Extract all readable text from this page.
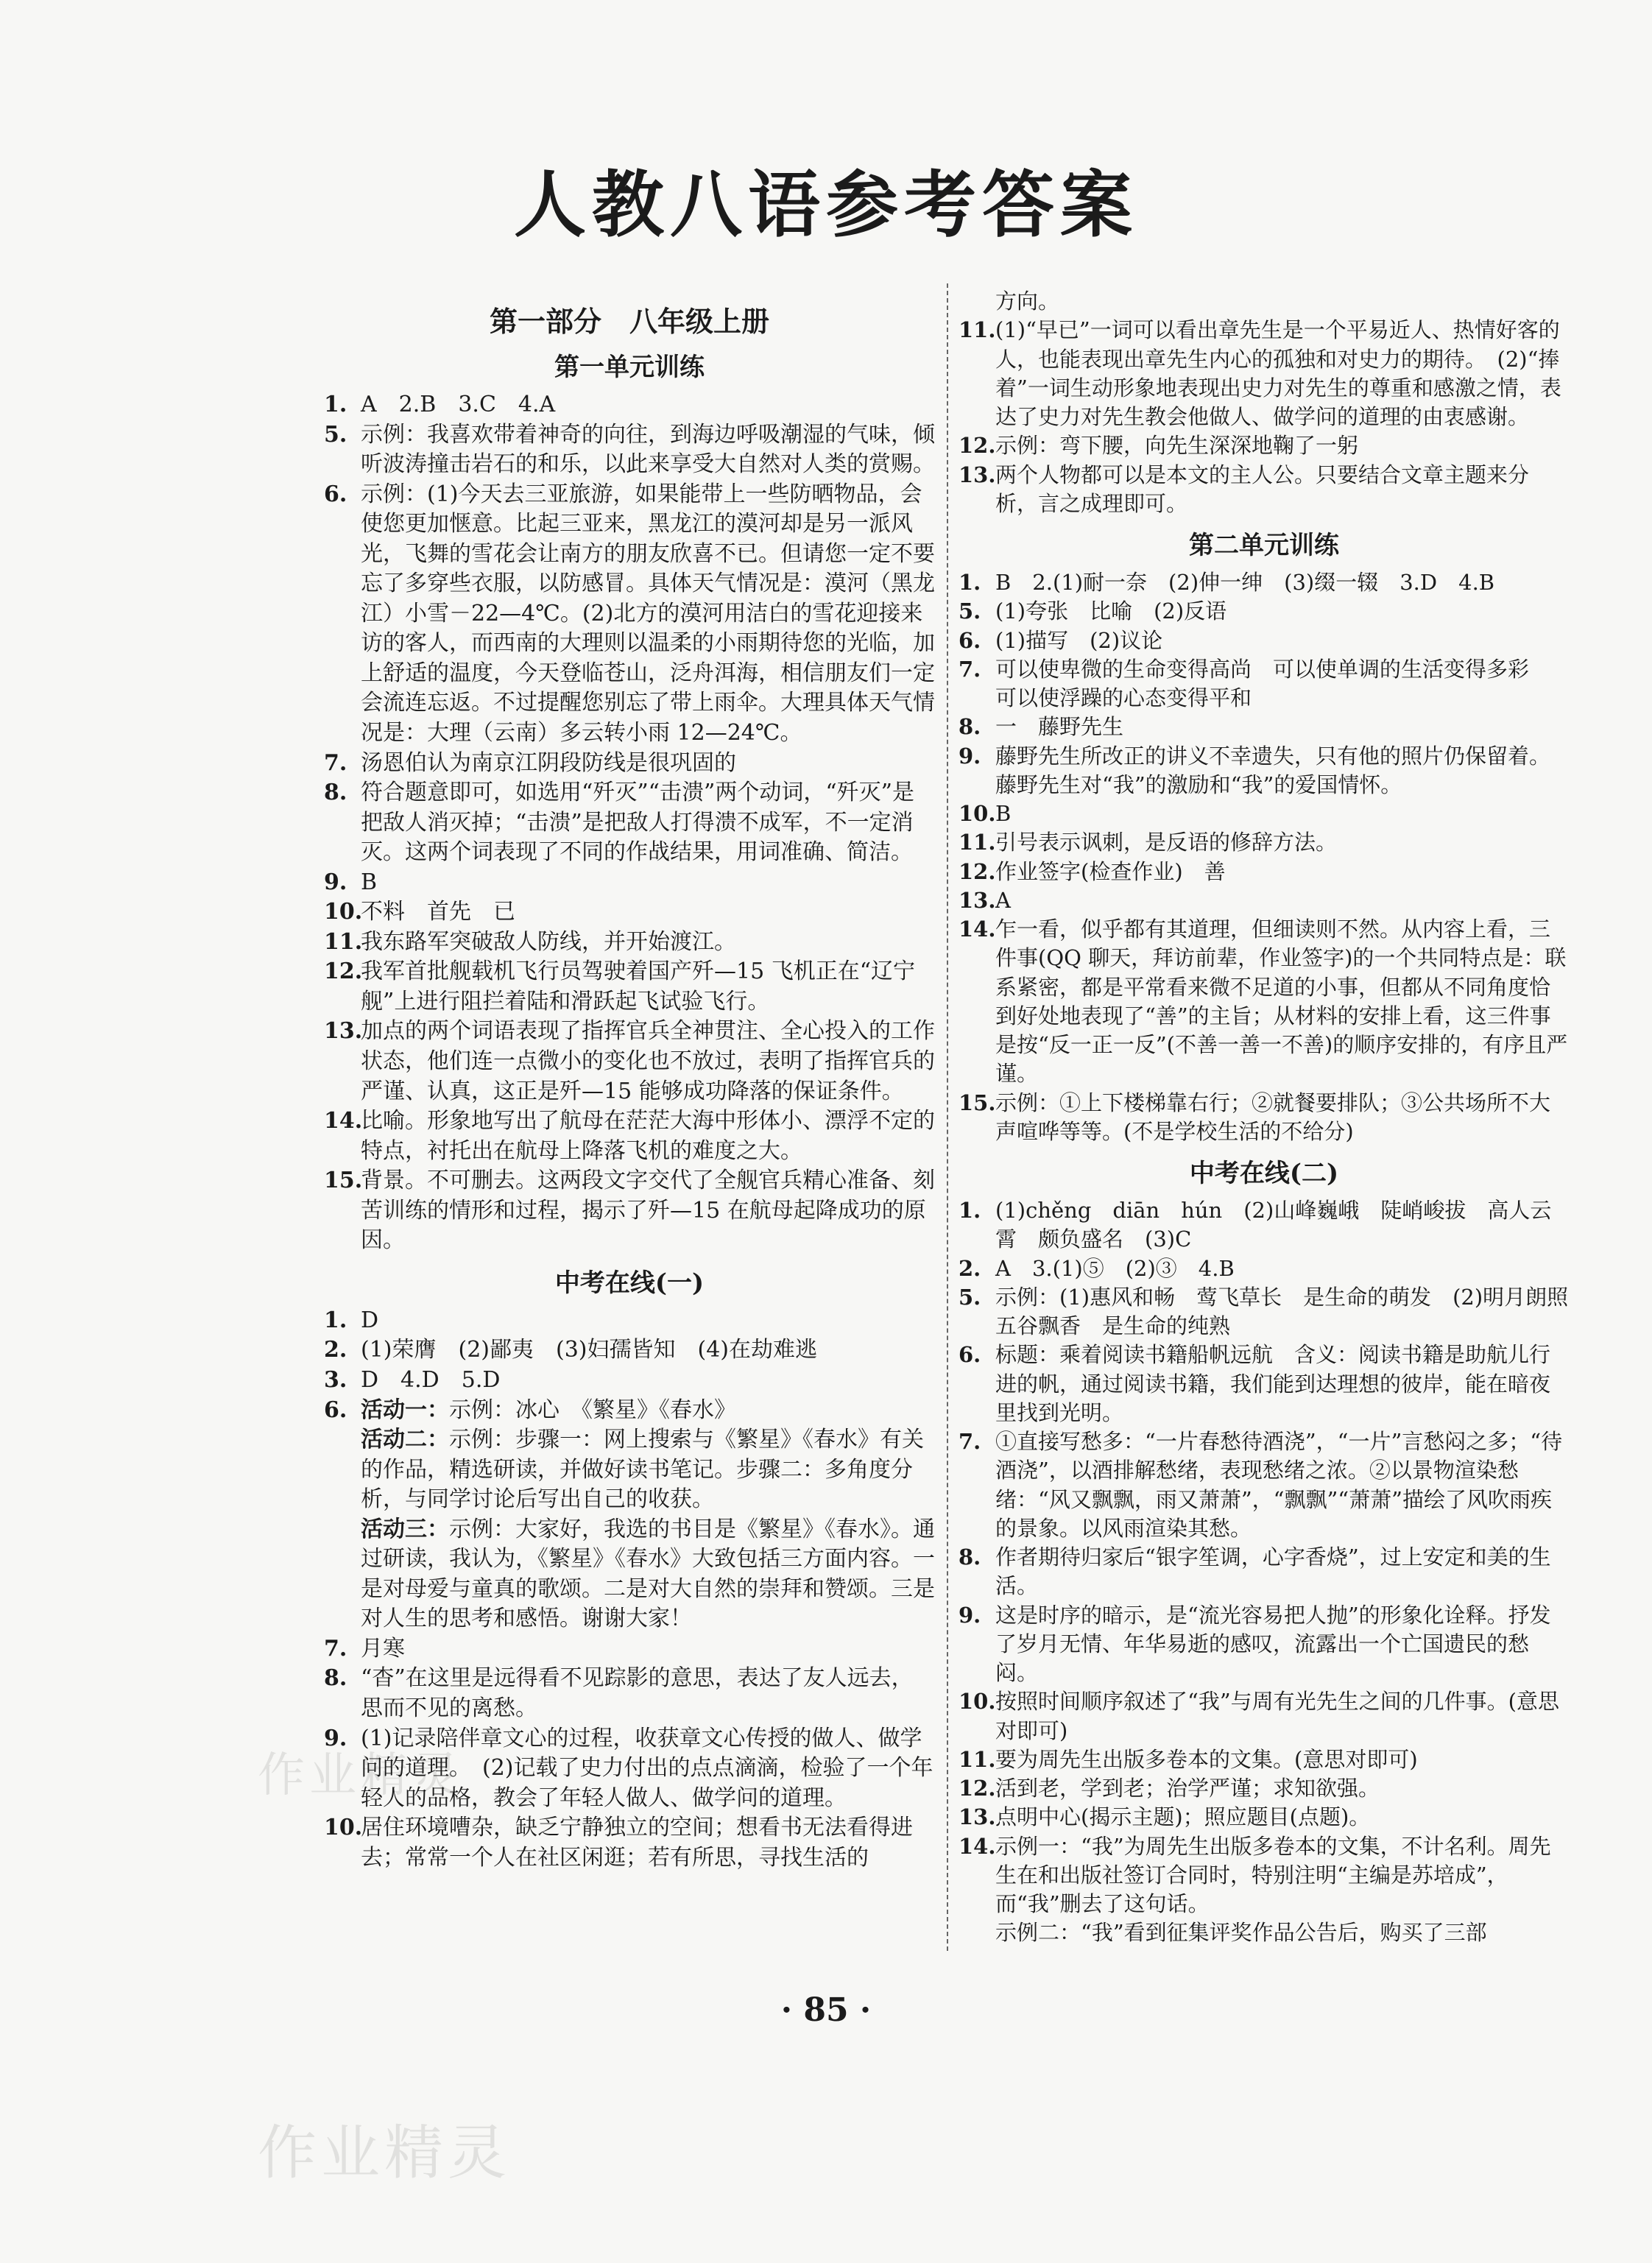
人教八语参考答案
第一部分　八年级上册
第一单元训练

1. A　2.B　3.C　4.A

5. 示例：我喜欢带着神奇的向往，到海边呼吸潮湿的气味，倾听波涛撞击岩石的和乐，以此来享受大自然对人类的赏赐。

6. 示例：(1)今天去三亚旅游，如果能带上一些防晒物品，会使您更加惬意。比起三亚来，黑龙江的漠河却是另一派风光，飞舞的雪花会让南方的朋友欣喜不已。但请您一定不要忘了多穿些衣服，以防感冒。具体天气情况是：漠河（黑龙江）小雪－22—4℃。(2)北方的漠河用洁白的雪花迎接来访的客人，而西南的大理则以温柔的小雨期待您的光临，加上舒适的温度，今天登临苍山，泛舟洱海，相信朋友们一定会流连忘返。不过提醒您别忘了带上雨伞。大理具体天气情况是：大理（云南）多云转小雨 12—24℃。

7. 汤恩伯认为南京江阴段防线是很巩固的

8. 符合题意即可，如选用“歼灭”“击溃”两个动词，“歼灭”是把敌人消灭掉；“击溃”是把敌人打得溃不成军，不一定消灭。这两个词表现了不同的作战结果，用词准确、简洁。

9. B

10.不料　首先　已

11.我东路军突破敌人防线，并开始渡江。

12.我军首批舰载机飞行员驾驶着国产歼—15 飞机正在“辽宁舰”上进行阻拦着陆和滑跃起飞试验飞行。

13.加点的两个词语表现了指挥官兵全神贯注、全心投入的工作状态，他们连一点微小的变化也不放过，表明了指挥官兵的严谨、认真，这正是歼—15 能够成功降落的保证条件。

14.比喻。形象地写出了航母在茫茫大海中形体小、漂浮不定的特点，衬托出在航母上降落飞机的难度之大。

15.背景。不可删去。这两段文字交代了全舰官兵精心准备、刻苦训练的情形和过程，揭示了歼—15 在航母起降成功的原因。

中考在线(一)

1. D

2. (1)荣膺　(2)鄙夷　(3)妇孺皆知　(4)在劫难逃

3. D　4.D　5.D

6. 活动一：示例：冰心　《繁星》《春水》

活动二：示例：步骤一：网上搜索与《繁星》《春水》有关的作品，精选研读，并做好读书笔记。步骤二：多角度分析，与同学讨论后写出自己的收获。

活动三：示例：大家好，我选的书目是《繁星》《春水》。通过研读，我认为，《繁星》《春水》大致包括三方面内容。一是对母爱与童真的歌颂。二是对大自然的崇拜和赞颂。三是对人生的思考和感悟。谢谢大家！

7. 月寒

8. “杳”在这里是远得看不见踪影的意思，表达了友人远去，思而不见的离愁。

9. (1)记录陪伴章文心的过程，收获章文心传授的做人、做学问的道理。　(2)记载了史力付出的点点滴滴，检验了一个年轻人的品格，教会了年轻人做人、做学问的道理。

10.居住环境嘈杂，缺乏宁静独立的空间；想看书无法看得进去；常常一个人在社区闲逛；若有所思，寻找生活的

方向。

11.(1)“早已”一词可以看出章先生是一个平易近人、热情好客的人，也能表现出章先生内心的孤独和对史力的期待。　(2)“捧着”一词生动形象地表现出史力对先生的尊重和感激之情，表达了史力对先生教会他做人、做学问的道理的由衷感谢。

12.示例：弯下腰，向先生深深地鞠了一躬

13.两个人物都可以是本文的主人公。只要结合文章主题来分析，言之成理即可。

第二单元训练

1. B　2.(1)耐一奈　(2)伸一绅　(3)缀一辍　3.D　4.B

5. (1)夸张　比喻　(2)反语

6. (1)描写　(2)议论

7. 可以使卑微的生命变得高尚　可以使单调的生活变得多彩　可以使浮躁的心态变得平和

8. 一　藤野先生

9. 藤野先生所改正的讲义不幸遗失，只有他的照片仍保留着。　藤野先生对“我”的激励和“我”的爱国情怀。

10.B

11.引号表示讽刺，是反语的修辞方法。

12.作业签字(检查作业)　善

13.A

14.乍一看，似乎都有其道理，但细读则不然。从内容上看，三件事(QQ 聊天，拜访前辈，作业签字)的一个共同特点是：联系紧密，都是平常看来微不足道的小事，但都从不同角度恰到好处地表现了“善”的主旨；从材料的安排上看，这三件事是按“反一正一反”(不善一善一不善)的顺序安排的，有序且严谨。

15.示例：①上下楼梯靠右行；②就餐要排队；③公共场所不大声喧哗等等。(不是学校生活的不给分)

中考在线(二)

1. (1)chěng　diān　hún　(2)山峰巍峨　陡峭峻拔　高人云霄　颇负盛名　(3)C

2. A　3.(1)⑤　(2)③　4.B

5. 示例：(1)惠风和畅　莺飞草长　是生命的萌发　(2)明月朗照　五谷飘香　是生命的纯熟

6. 标题：乘着阅读书籍船帆远航　含义：阅读书籍是助航儿行进的帆，通过阅读书籍，我们能到达理想的彼岸，能在暗夜里找到光明。

7. ①直接写愁多：“一片春愁待酒浇”，“一片”言愁闷之多；“待酒浇”，以酒排解愁绪，表现愁绪之浓。②以景物渲染愁绪：“风又飘飘，雨又萧萧”，“飘飘”“萧萧”描绘了风吹雨疾的景象。以风雨渲染其愁。

8. 作者期待归家后“银字笙调，心字香烧”，过上安定和美的生活。

9. 这是时序的暗示，是“流光容易把人抛”的形象化诠释。抒发了岁月无情、年华易逝的感叹，流露出一个亡国遗民的愁闷。

10.按照时间顺序叙述了“我”与周有光先生之间的几件事。(意思对即可)

11.要为周先生出版多卷本的文集。(意思对即可)

12.活到老，学到老；治学严谨；求知欲强。

13.点明中心(揭示主题)；照应题目(点题)。

14.示例一：“我”为周先生出版多卷本的文集，不计名利。周先生在和出版社签订合同时，特别注明“主编是苏培成”，而“我”删去了这句话。

示例二：“我”看到征集评奖作品公告后，购买了三部

· 85 ·
作业精灵
作业精灵
